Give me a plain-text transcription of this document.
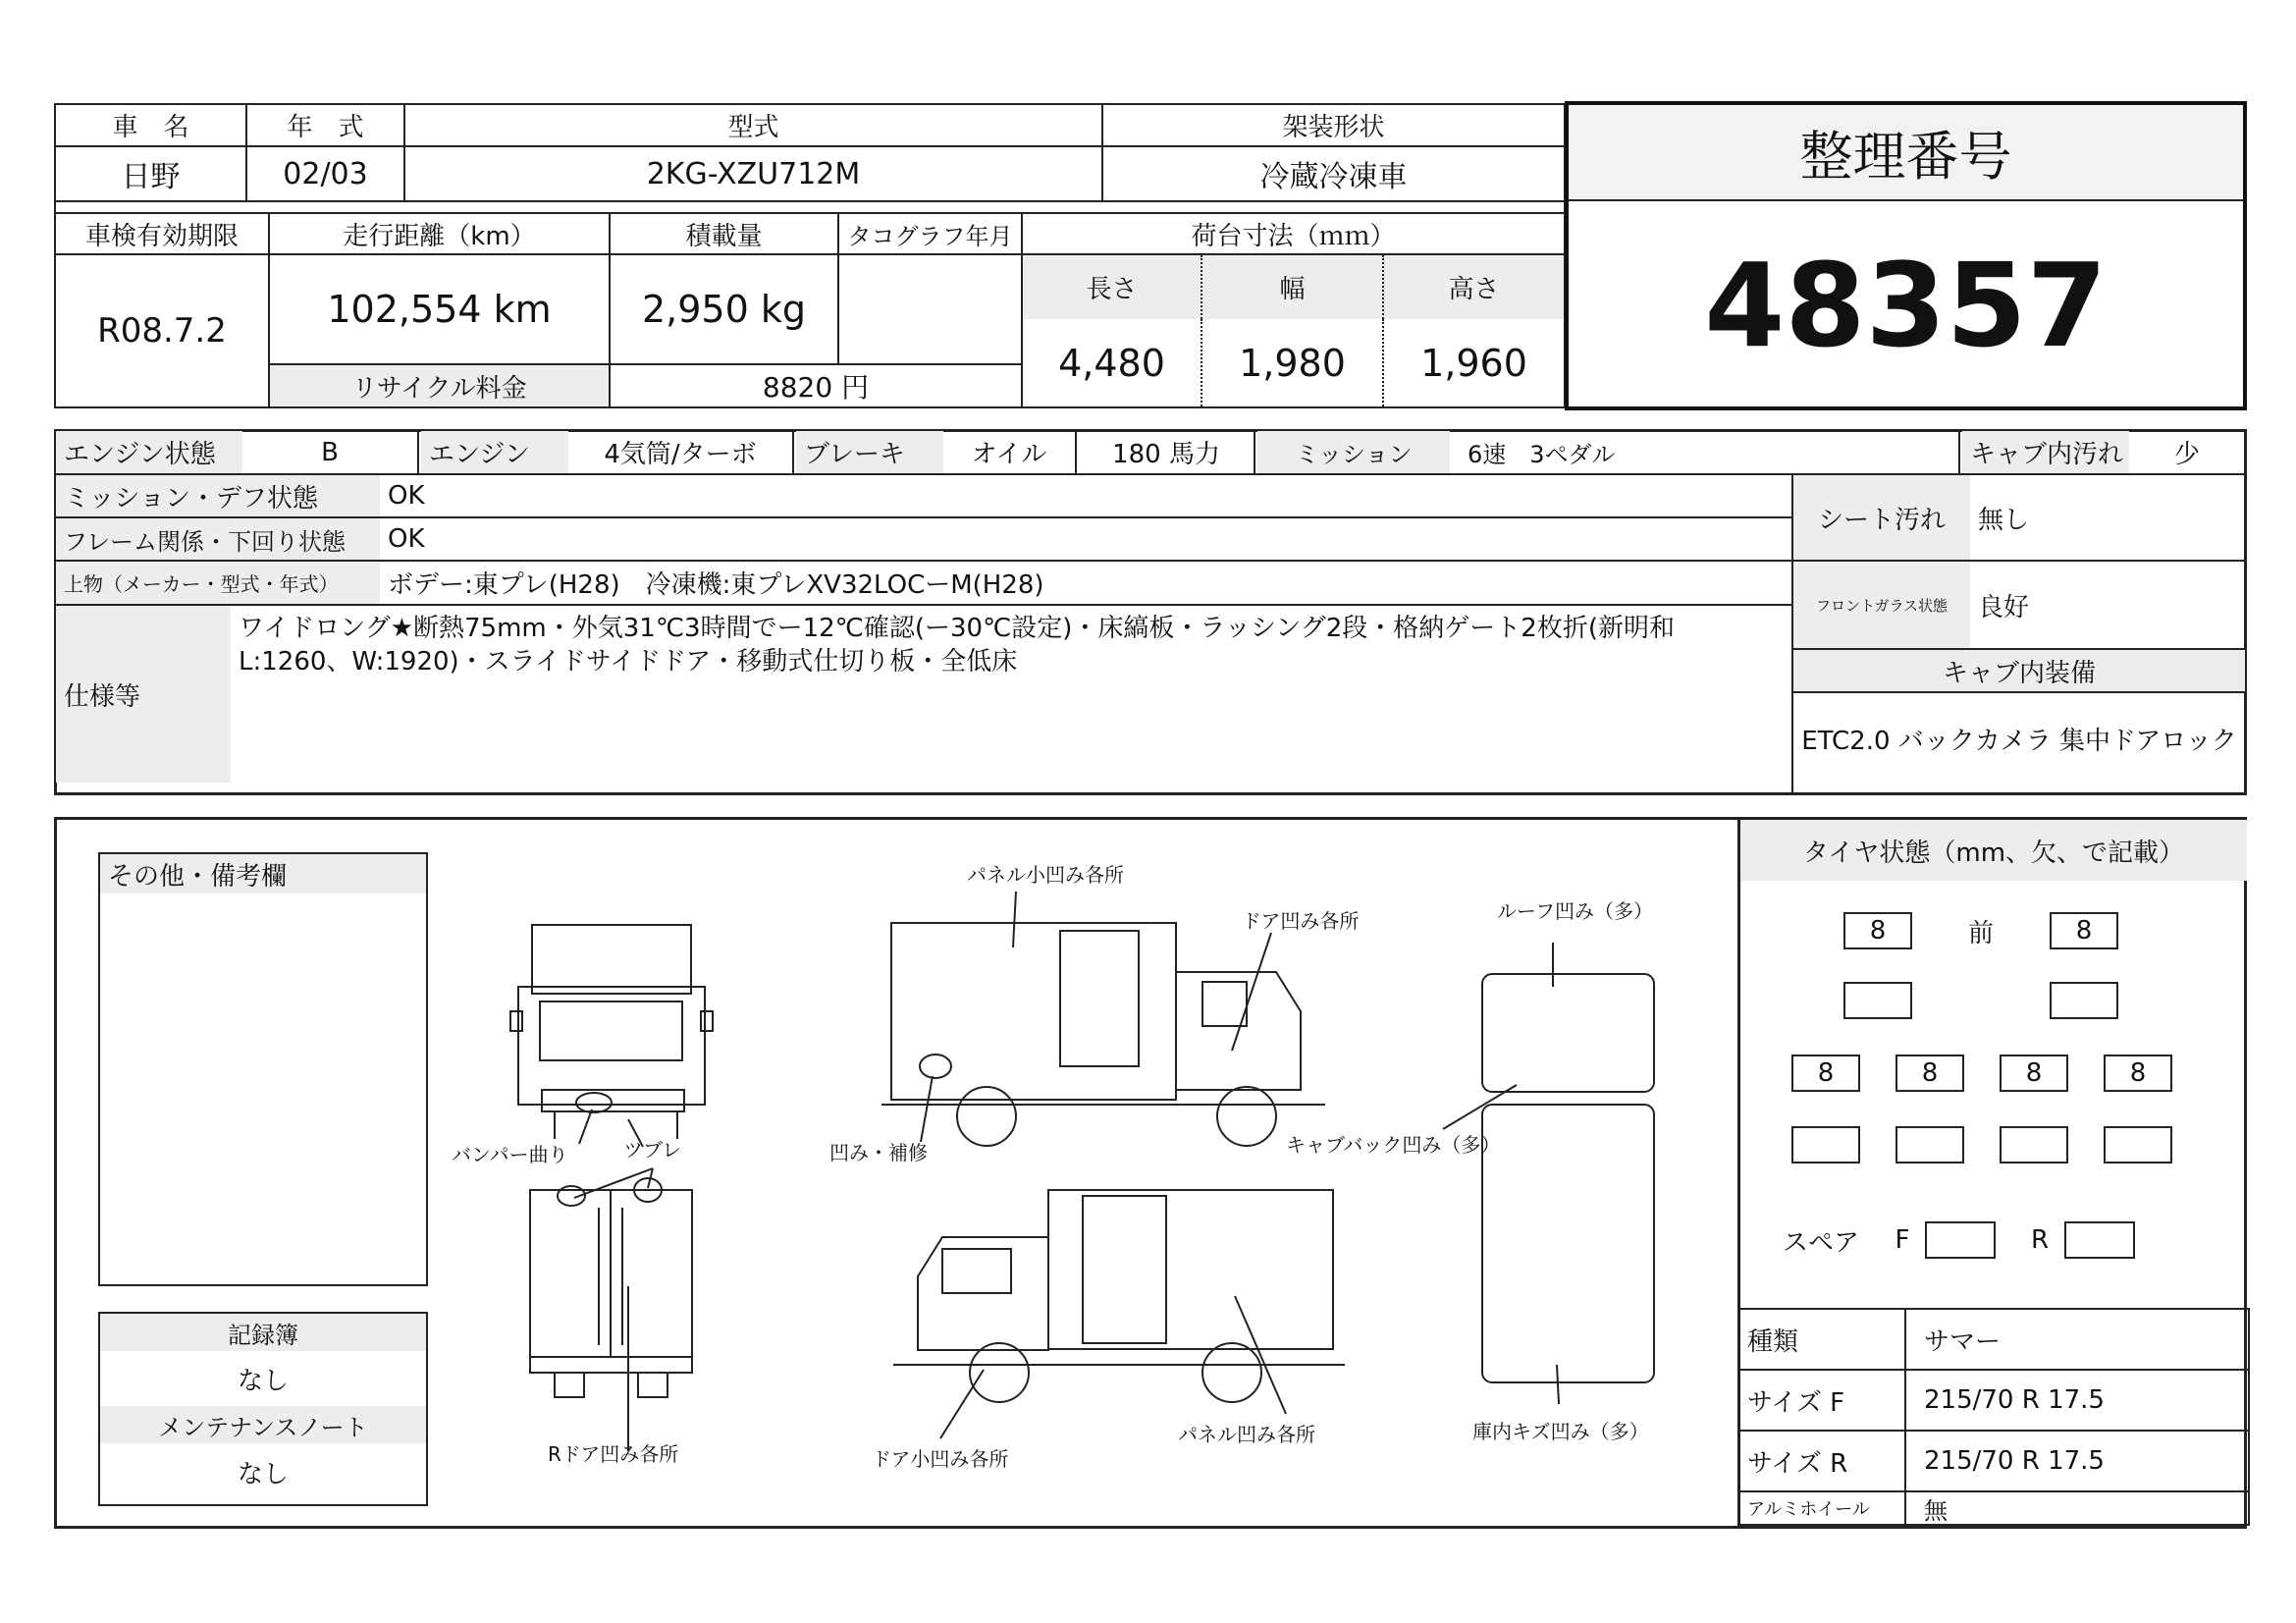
車　名	年　式	型式	架装形状
日野	02/03	2KG-XZU712M	冷蔵冷凍車
車検有効期限	走行距離（km）	積載量	タコグラフ年月	荷台寸法（ｍｍ）
R08.7.2	102,554 km	2,950 kg
リサイクル料金	8820 円
長さ	幅	高さ
4,480	1,980	1,960
整理番号
48357
エンジン状態	B	エンジン	4気筒/ターボ	ブレーキ	オイル	180 馬力	ミッション	6速　3ペダル	キャブ内汚れ	少
ミッション・デフ状態	OK
フレーム関係・下回り状態	OK
上物（メーカー・型式・年式）	ボデー:東プレ(H28)　冷凍機:東プレXV32LOCーM(H28)
仕様等
ワイドロング★断熱75mm・外気31℃3時間でー12℃確認(ー30℃設定)・床縞板・ラッシング2段・格納ゲート2枚折(新明和L:1260、W:1920)・スライドサイドドア・移動式仕切り板・全低床
シート汚れ	無し
フロントガラス状態	良好
キャブ内装備
ETC2.0 バックカメラ 集中ドアロック
その他・備考欄
記録簿
なし
メンテナンスノート
なし
バンパー曲り	ツブレ	凹み・補修
パネル小凹み各所
ドア凹み各所	ルーフ凹み（多）
キャブバック凹み（多）
Rドア凹み各所	ドア小凹み各所
パネル凹み各所	庫内キズ凹み（多）
タイヤ状態（mm、欠、で記載）
8	前	8
8	8	8	8
スペア	F	R
種類	サマー
サイズ F	215/70 R 17.5
サイズ R	215/70 R 17.5
アルミホイール	無
